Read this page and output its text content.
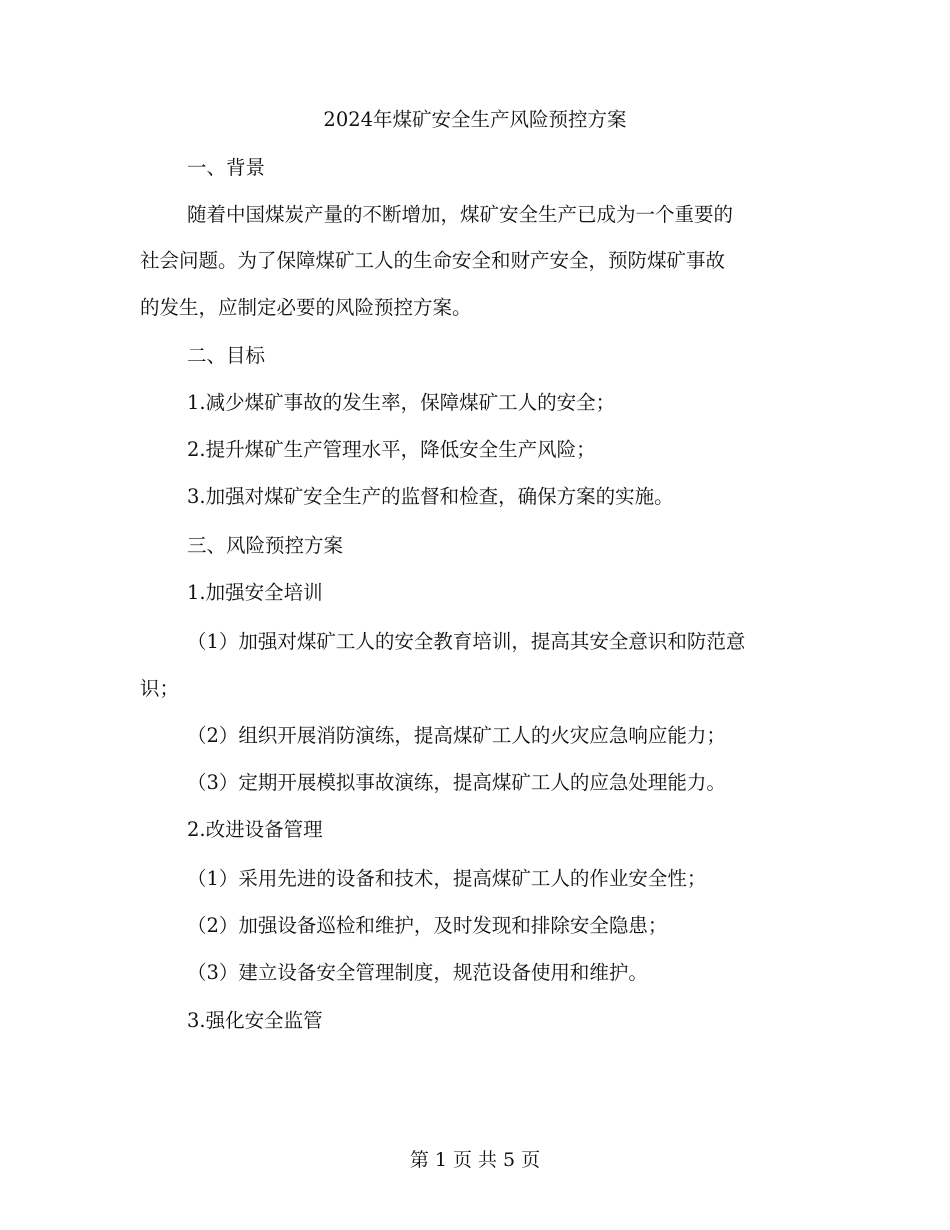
2024年煤矿安全生产风险预控方案
一、背景
随着中国煤炭产量的不断增加，煤矿安全生产已成为一个重要的
社会问题。为了保障煤矿工人的生命安全和财产安全，预防煤矿事故
的发生，应制定必要的风险预控方案。
二、目标
1.减少煤矿事故的发生率，保障煤矿工人的安全；
2.提升煤矿生产管理水平，降低安全生产风险；
3.加强对煤矿安全生产的监督和检查，确保方案的实施。
三、风险预控方案
1.加强安全培训
（1）加强对煤矿工人的安全教育培训，提高其安全意识和防范意
识；
（2）组织开展消防演练，提高煤矿工人的火灾应急响应能力；
（3）定期开展模拟事故演练，提高煤矿工人的应急处理能力。
2.改进设备管理
（1）采用先进的设备和技术，提高煤矿工人的作业安全性；
（2）加强设备巡检和维护，及时发现和排除安全隐患；
（3）建立设备安全管理制度，规范设备使用和维护。
3.强化安全监管
第 1 页 共 5 页
